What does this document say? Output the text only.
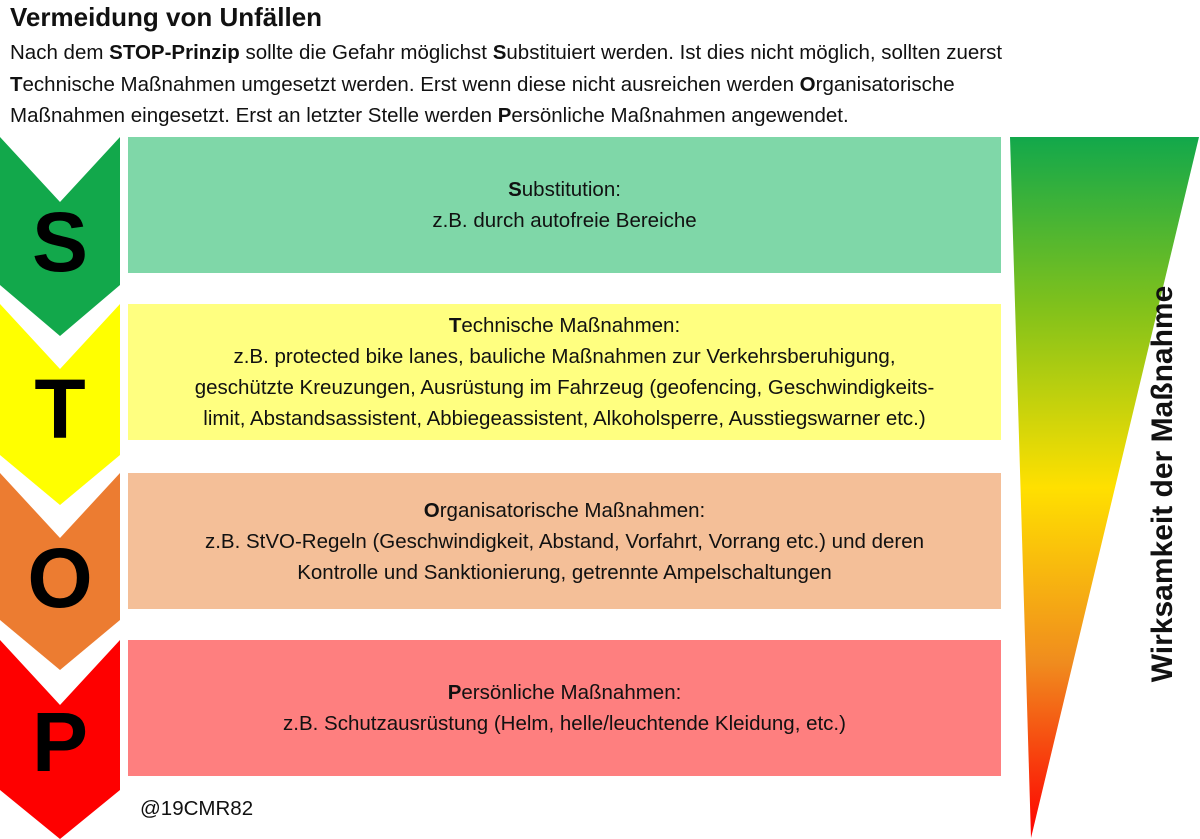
Vermeidung von Unfällen
Nach dem STOP-Prinzip sollte die Gefahr möglichst Substituiert werden. Ist dies nicht möglich, sollten zuerst
Technische Maßnahmen umgesetzt werden. Erst wenn diese nicht ausreichen werden Organisatorische
Maßnahmen eingesetzt. Erst an letzter Stelle werden Persönliche Maßnahmen angewendet.
S
T
O
P
Substitution:
z.B. durch autofreie Bereiche
Technische Maßnahmen:
z.B. protected bike lanes, bauliche Maßnahmen zur Verkehrsberuhigung,
geschützte Kreuzungen, Ausrüstung im Fahrzeug (geofencing, Geschwindigkeits-
limit, Abstandsassistent, Abbiegeassistent, Alkoholsperre, Ausstiegswarner etc.)
Organisatorische Maßnahmen:
z.B. StVO-Regeln (Geschwindigkeit, Abstand, Vorfahrt, Vorrang etc.) und deren
Kontrolle und Sanktionierung, getrennte Ampelschaltungen
Persönliche Maßnahmen:
z.B. Schutzausrüstung (Helm, helle/leuchtende Kleidung, etc.)
@19CMR82
Wirksamkeit der Maßnahme
